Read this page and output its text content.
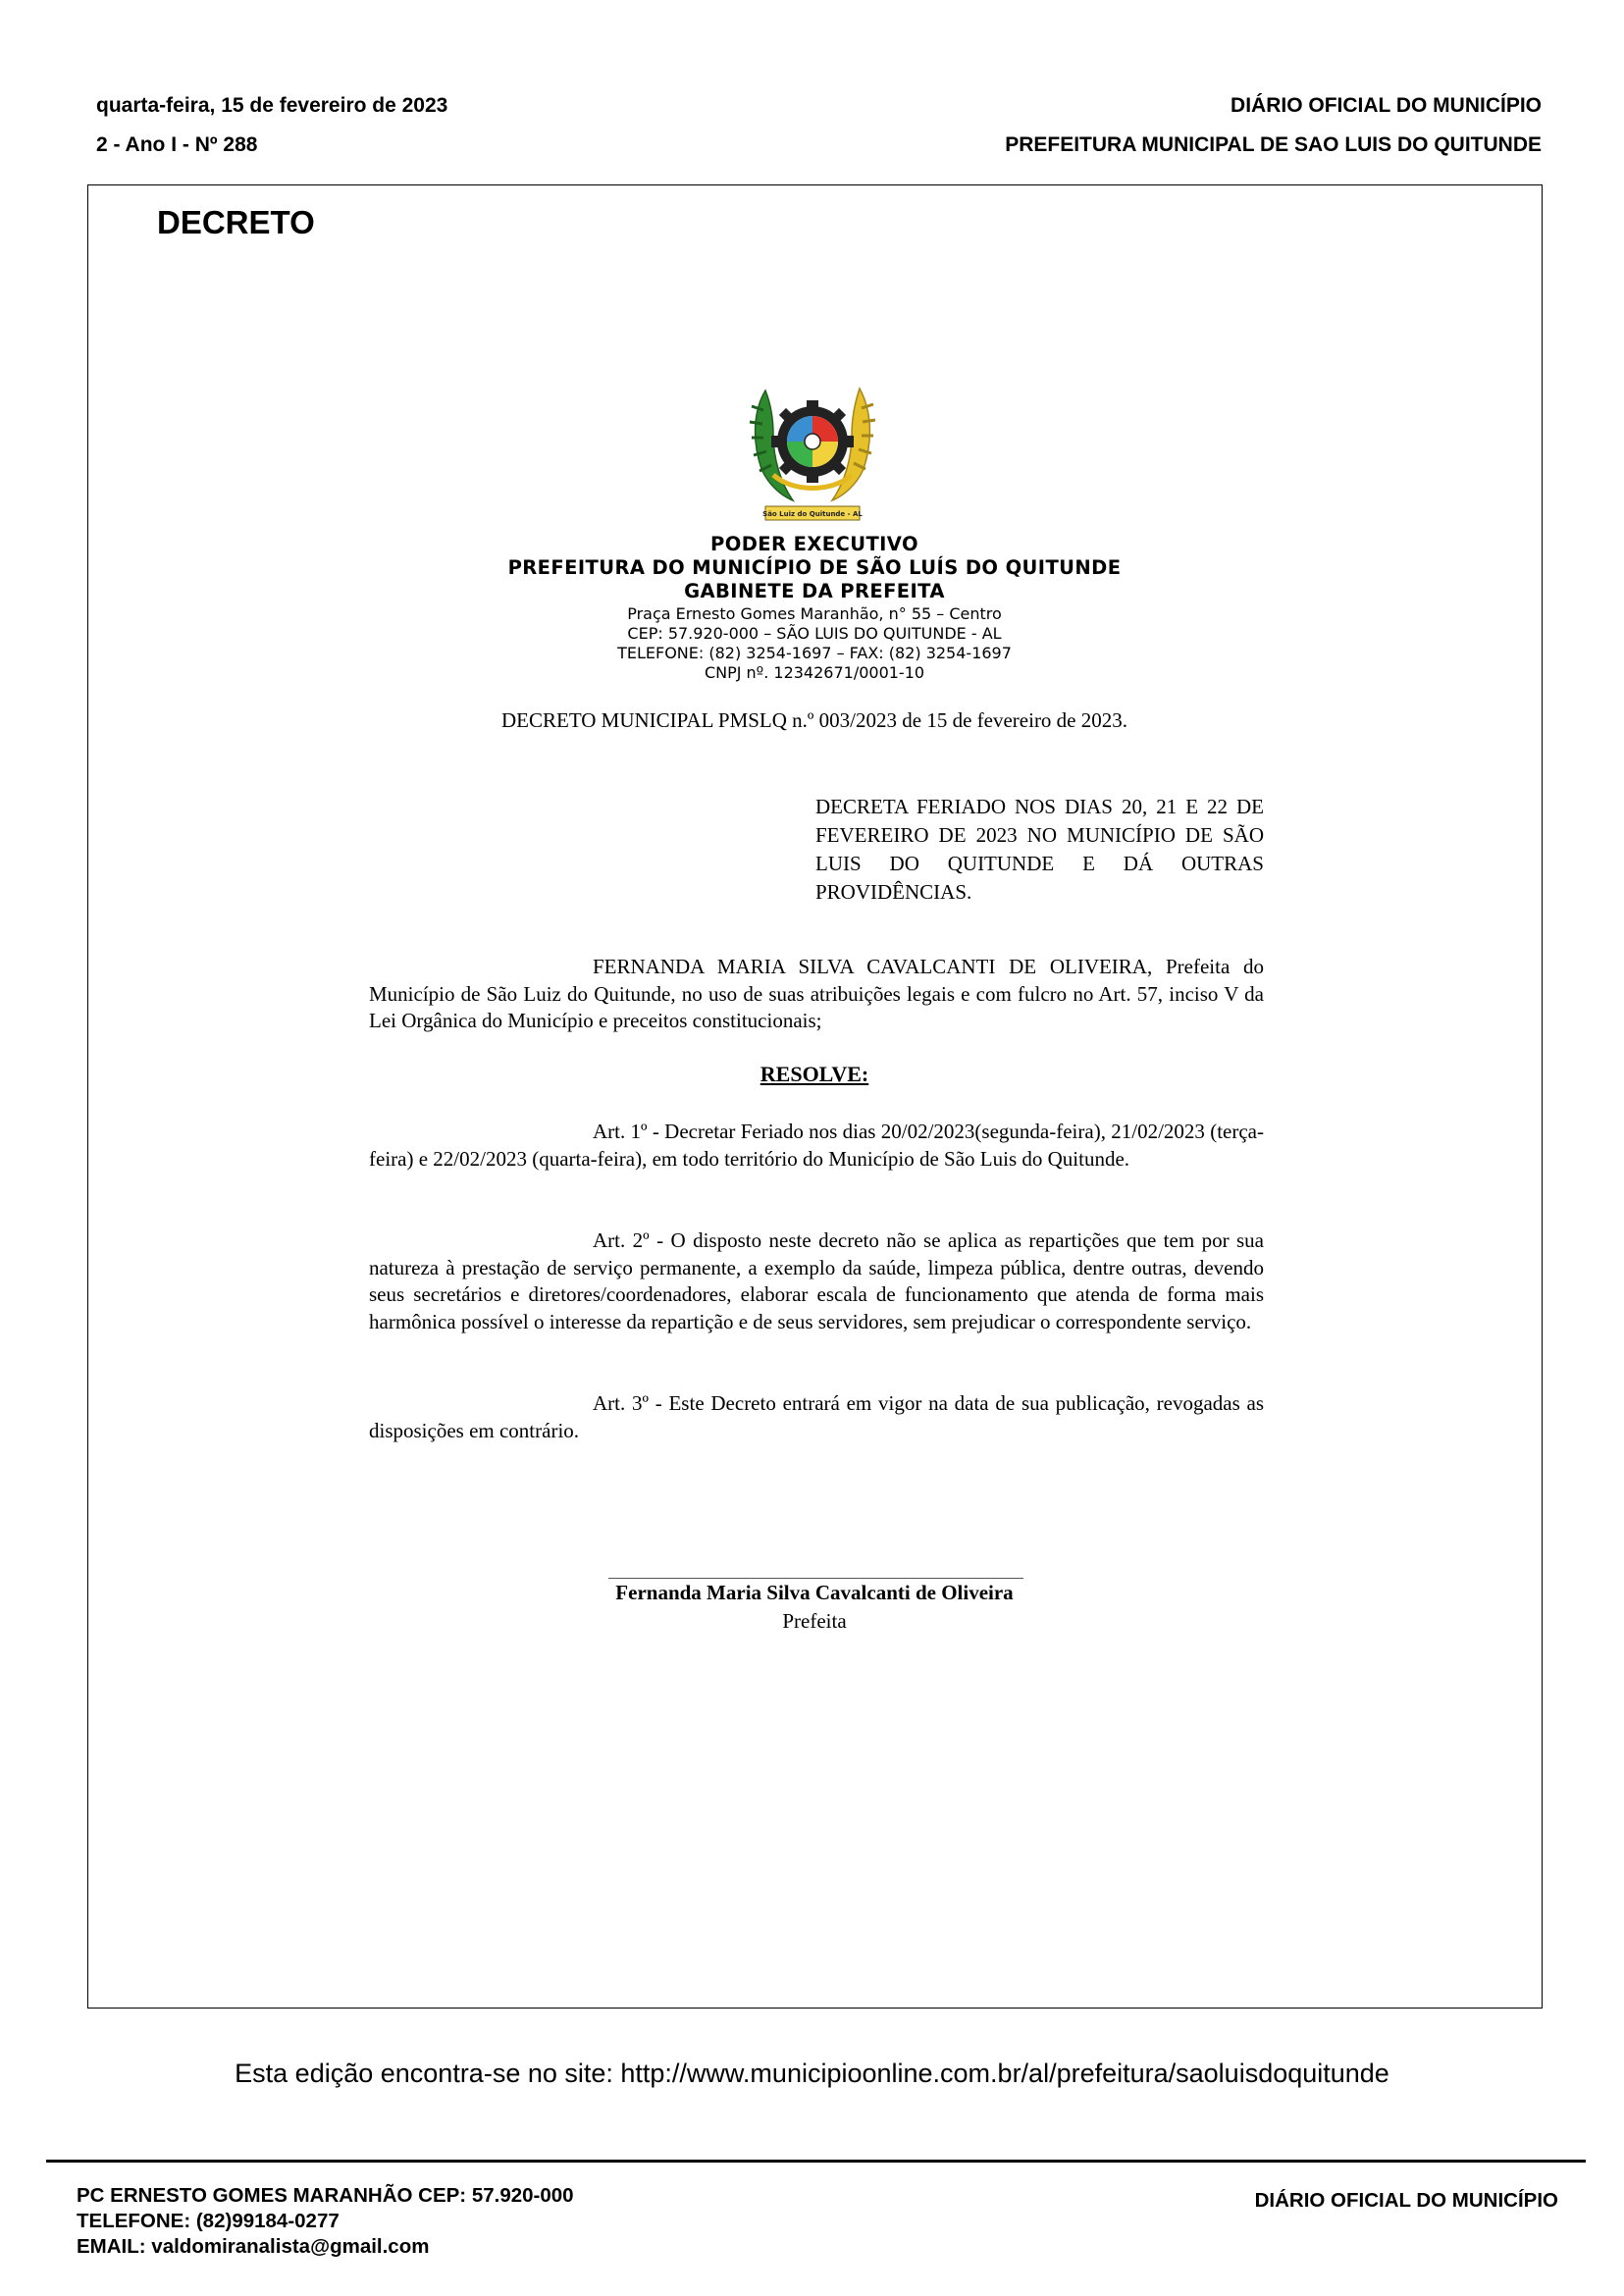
quarta-feira, 15 de fevereiro de 2023
2 - Ano I - Nº 288
DIÁRIO OFICIAL DO MUNICÍPIO
PREFEITURA MUNICIPAL DE SAO LUIS DO QUITUNDE
DECRETO
São Luiz do Quitunde - AL
PODER EXECUTIVO
PREFEITURA DO MUNICÍPIO DE SÃO LUÍS DO QUITUNDE
GABINETE DA PREFEITA
Praça Ernesto Gomes Maranhão, n° 55 – Centro
CEP: 57.920-000 – SÃO LUIS DO QUITUNDE - AL
TELEFONE: (82) 3254-1697 – FAX: (82) 3254-1697
CNPJ nº. 12342671/0001-10
DECRETO MUNICIPAL PMSLQ n.º 003/2023 de 15 de fevereiro de 2023.
DECRETA FERIADO NOS DIAS 20, 21 E 22 DE FEVEREIRO DE 2023 NO MUNICÍPIO DE SÃO LUIS DO QUITUNDE E DÁ OUTRAS PROVIDÊNCIAS.
FERNANDA MARIA SILVA CAVALCANTI DE OLIVEIRA, Prefeita do Município de São Luiz do Quitunde, no uso de suas atribuições legais e com fulcro no Art. 57, inciso V da Lei Orgânica do Município e preceitos constitucionais;
RESOLVE:
Art. 1º - Decretar Feriado nos dias 20/02/2023(segunda-feira), 21/02/2023 (terça-feira) e 22/02/2023 (quarta-feira), em todo território do Município de São Luis do Quitunde.
Art. 2º - O disposto neste decreto não se aplica as repartições que tem por sua natureza à prestação de serviço permanente, a exemplo da saúde, limpeza pública, dentre outras, devendo seus secretários e diretores/coordenadores, elaborar escala de funcionamento que atenda de forma mais harmônica possível o interesse da repartição e de seus servidores, sem prejudicar o correspondente serviço.
Art. 3º - Este Decreto entrará em vigor na data de sua publicação, revogadas as disposições em contrário.
Fernanda Maria Silva Cavalcanti de Oliveira
Prefeita
Esta edição encontra-se no site: http://www.municipioonline.com.br/al/prefeitura/saoluisdoquitunde
PC ERNESTO GOMES MARANHÃO CEP: 57.920-000
TELEFONE: (82)99184-0277
EMAIL: valdomiranalista@gmail.com
DIÁRIO OFICIAL DO MUNICÍPIO
